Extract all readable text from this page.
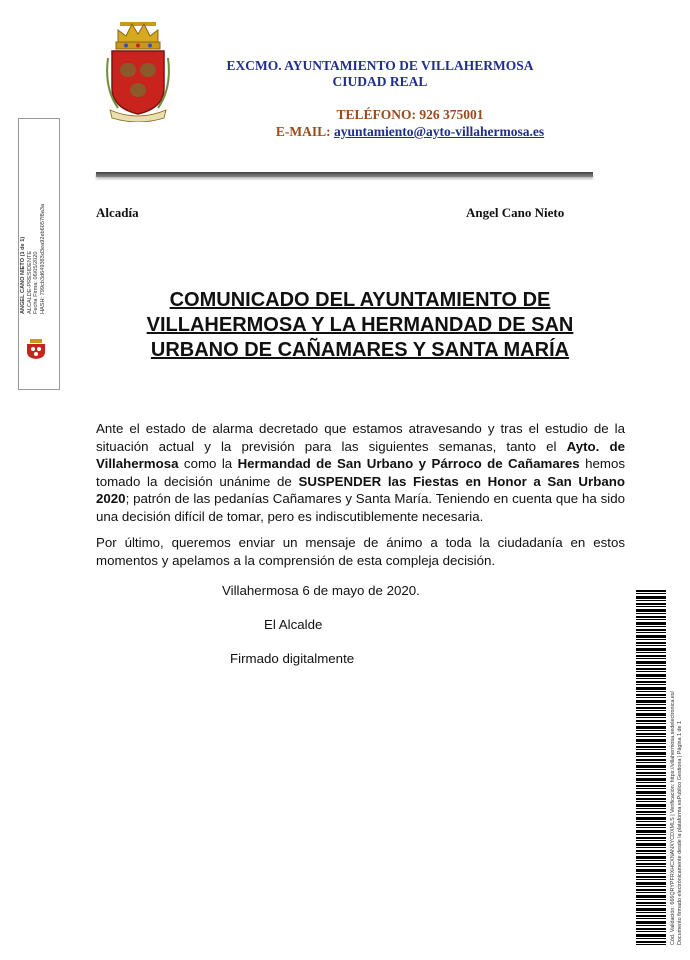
EXCMO. AYUNTAMIENTO DE VILLAHERMOSA
CIUDAD REAL
TELÉFONO: 926 375001
E-MAIL: ayuntamiento@ayto-villahermosa.es
Alcadía	Angel Cano Nieto
COMUNICADO DEL AYUNTAMIENTO DE
VILLAHERMOSA Y LA HERMANDAD DE SAN
URBANO DE CAÑAMARES Y SANTA MARÍA
Ante el estado de alarma decretado que estamos atravesando y tras el estudio de la situación actual y la previsión para las siguientes semanas, tanto el Ayto. de Villahermosa como la Hermandad de San Urbano y Párroco de Cañamares hemos tomado la decisión unánime de SUSPENDER las Fiestas en Honor a San Urbano 2020; patrón de las pedanías Cañamares y Santa María. Teniendo en cuenta que ha sido una decisión difícil de tomar, pero es indiscutiblemente necesaria.
Por último, queremos enviar un mensaje de ánimo a toda la ciudadanía en estos momentos y apelamos a la comprensión de esta compleja decisión.
Villahermosa 6 de mayo de 2020.
El Alcalde
Firmado digitalmente
ANGEL CANO NIETO (1 de 1) ALCALDE-PRESIDENTE Fecha Firma: 06/05/2020 HASH: 799cb3d649363d3ea92eb6057f8a3a
Cód. Validación: 666QRYPFRXHCXNANXYCDXMLS | Verificación: https://villahermosa.sedelectronica.es/ Documento firmado electrónicamente desde la plataforma esPublico Gestiona | Página 1 de 1
